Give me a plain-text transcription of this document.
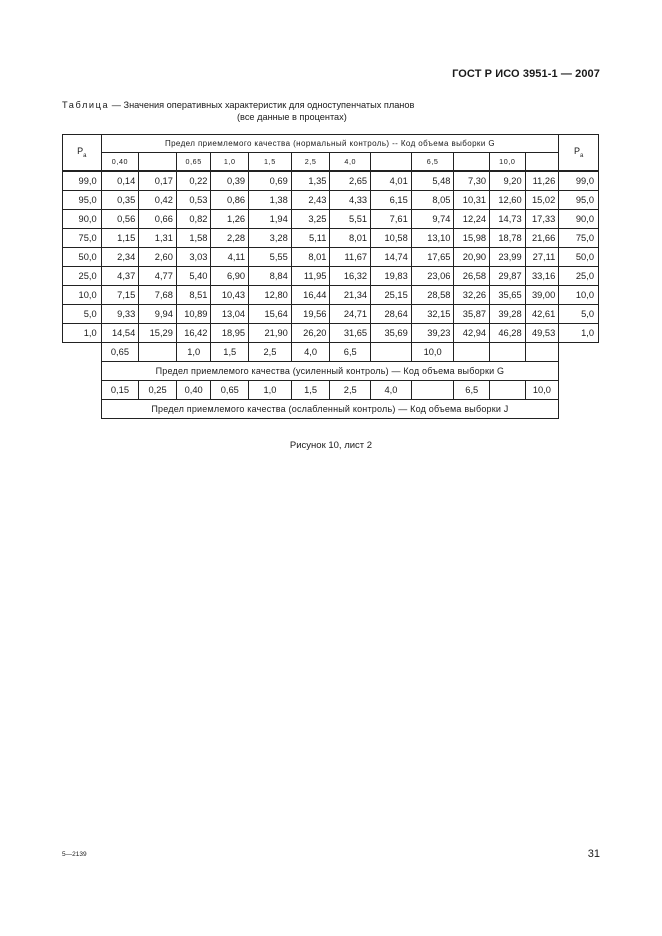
ГОСТ Р ИСО 3951-1 — 2007
Таблица — Значения оперативных характеристик для одноступенчатых планов
(все данные в процентах)
$P_a$	Предел приемлемого качества (нормальный контроль) -- Код объема выборки G												$P_a$
	0,40		0,65	1,0	1,5	2,5	4,0		6,5		10,0		
99,0	0,14	0,17	0,22	0,39	0,69	1,35	2,65	4,01	5,48	7,30	9,20	11,26	99,0
95,0	0,35	0,42	0,53	0,86	1,38	2,43	4,33	6,15	8,05	10,31	12,60	15,02	95,0
90,0	0,56	0,66	0,82	1,26	1,94	3,25	5,51	7,61	9,74	12,24	14,73	17,33	90,0
75,0	1,15	1,31	1,58	2,28	3,28	5,11	8,01	10,58	13,10	15,98	18,78	21,66	75,0
50,0	2,34	2,60	3,03	4,11	5,55	8,01	11,67	14,74	17,65	20,90	23,99	27,11	50,0
25,0	4,37	4,77	5,40	6,90	8,84	11,95	16,32	19,83	23,06	26,58	29,87	33,16	25,0
10,0	7,15	7,68	8,51	10,43	12,80	16,44	21,34	25,15	28,58	32,26	35,65	39,00	10,0
5,0	9,33	9,94	10,89	13,04	15,64	19,56	24,71	28,64	32,15	35,87	39,28	42,61	5,0
1,0	14,54	15,29	16,42	18,95	21,90	26,20	31,65	35,69	39,23	42,94	46,28	49,53	1,0
	0,65		1,0	1,5	2,5	4,0	6,5		10,0				
	Предел приемлемого качества (усиленный контроль) — Код объема выборки G												
	0,15	0,25	0,40	0,65	1,0	1,5	2,5	4,0		6,5		10,0	
	Предел приемлемого качества (ослабленный контроль) — Код объема выборки J												
Рисунок 10, лист 2
5—2139	31
